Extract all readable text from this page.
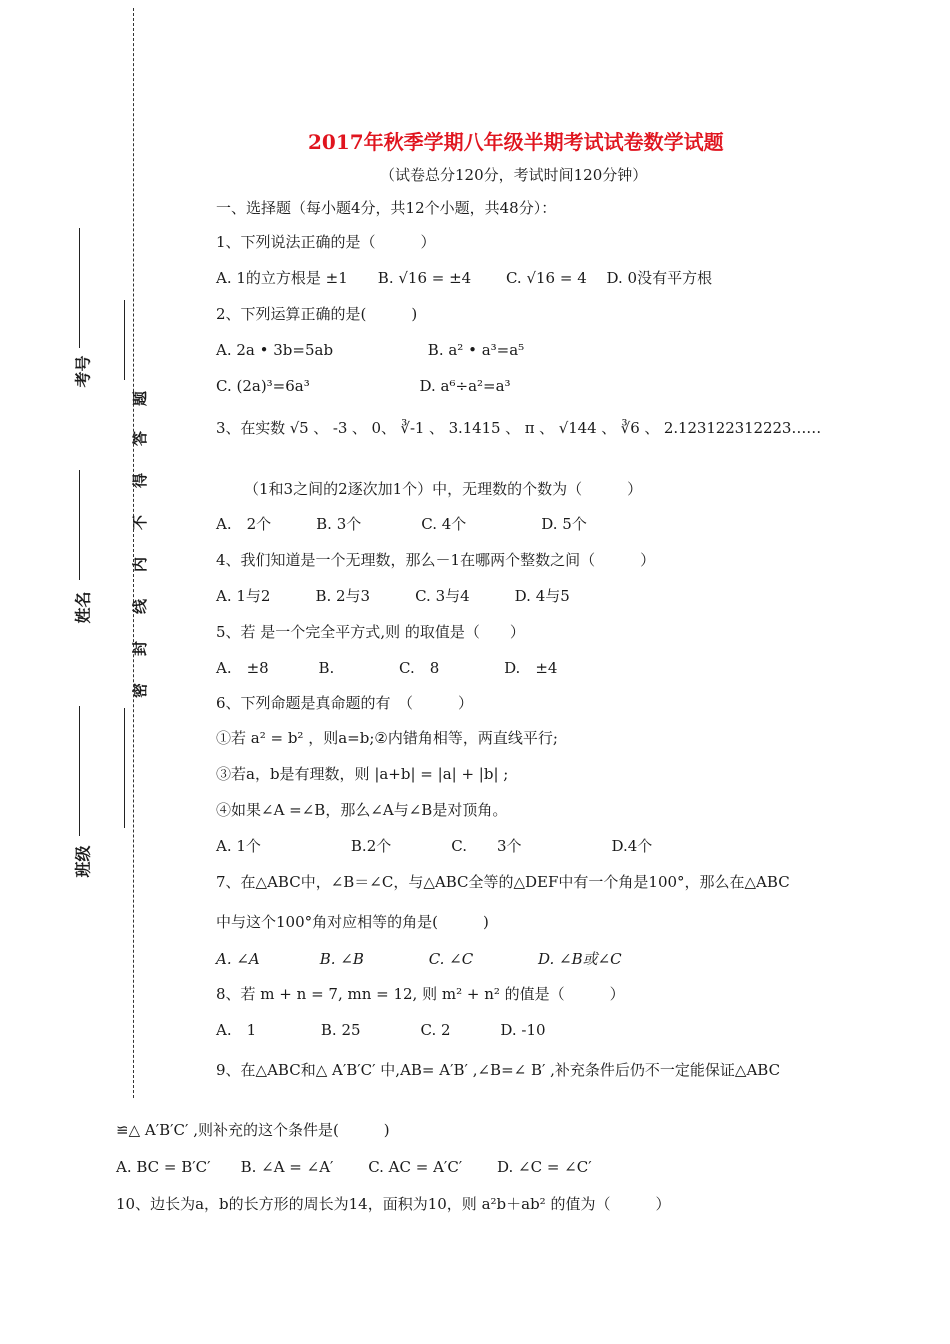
考号
姓名
班级
题
答
得
不
内
线
封
密
2017年秋季学期八年级半期考试试卷数学试题
（试卷总分120分，考试时间120分钟）
一、选择题（每小题4分，共12个小题，共48分）：
1、下列说法正确的是（　　　）
A. 1的立方根是 ±1　　B. √16 = ±4　　 C. √16 = 4　 D. 0没有平方根
2、下列运算正确的是(　　　)
A. 2a • 3b=5ab　　　　　　 B. a² • a³=a⁵
C. (2a)³=6a³　　　　　　　 D. a⁶÷a²=a³
3、在实数 √5 、 -3 、 0、 ∛-1 、 3.1415 、 π 、 √144 、 ∛6 、 2.123122312223……
（1和3之间的2逐次加1个）中，无理数的个数为（　　　）
A.　2个　　　B. 3个　　　　C. 4个　　　　　D. 5个
4、我们知道是一个无理数，那么－1在哪两个整数之间（　　　）
A. 1与2　　　B. 2与3　　　C. 3与4　　　D. 4与5
5、若 是一个完全平方式,则 的取值是（　　）
A.　±8　　　 B.　　　　 C.　8　　　　 D.　±4
6、下列命题是真命题的有　（　　　）
①若 a² = b² ，则a=b;②内错角相等，两直线平行;
③若a，b是有理数，则 |a+b| = |a| + |b| ;
④如果∠A =∠B，那么∠A与∠B是对顶角。
A. 1个　　　　　　B.2个　　　　C.　　3个　　　　　　D.4个
7、在△ABC中，∠B＝∠C，与△ABC全等的△DEF中有一个角是100°，那么在△ABC
中与这个100°角对应相等的角是(　　　)
A. ∠A　　　　B. ∠B　　　　 C. ∠C　　　　 D. ∠B或∠C
8、若 m + n = 7, mn = 12, 则 m² + n² 的值是（　　　）
A.　1　　　　 B. 25　　　　C. 2　　　 D. -10
9、在△ABC和△ A′B′C′ 中,AB= A′B′ ,∠B=∠ B′ ,补充条件后仍不一定能保证△ABC
≌△ A′B′C′ ,则补充的这个条件是(　　　)
A. BC = B′C′　　B. ∠A = ∠A′　　 C. AC = A′C′　　 D. ∠C = ∠C′
10、边长为a，b的长方形的周长为14，面积为10，则 a²b＋ab² 的值为（　　　）
